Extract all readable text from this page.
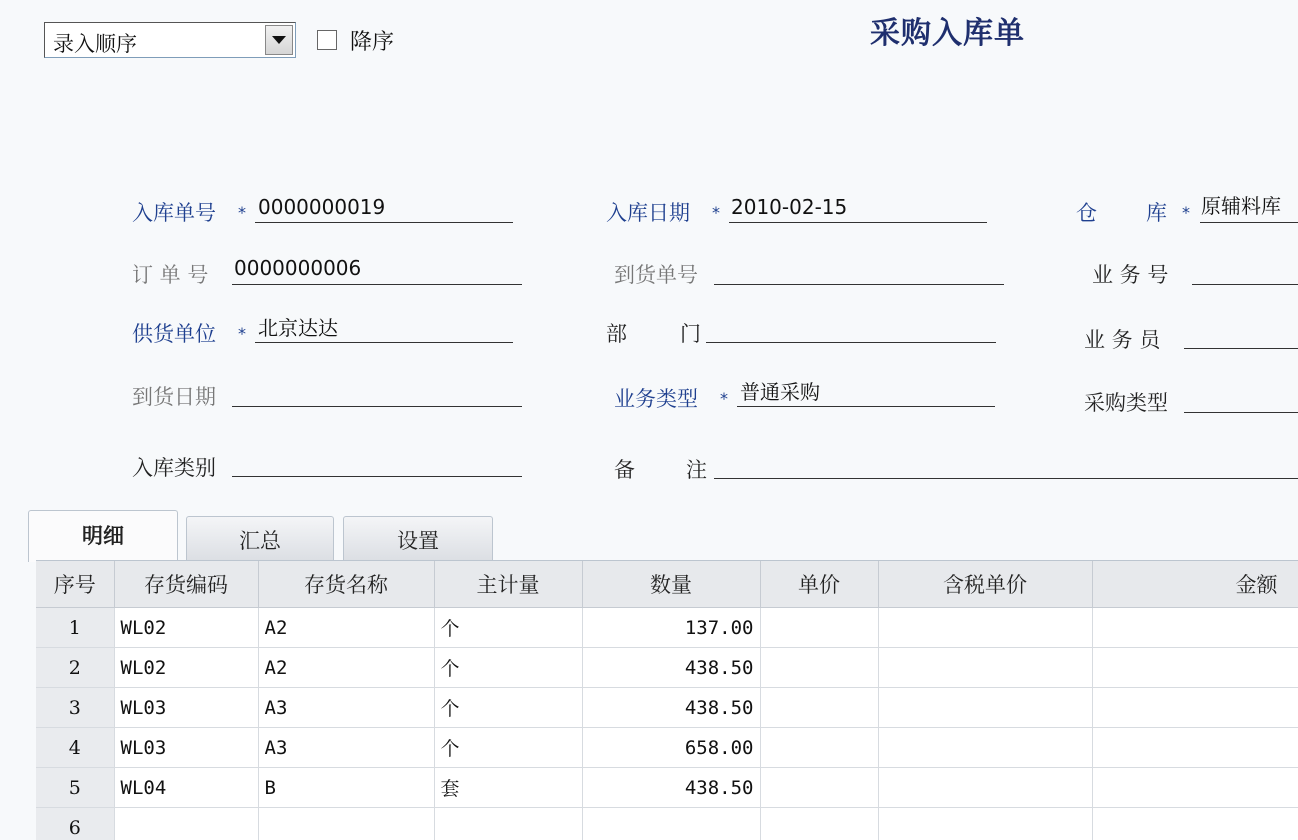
录入顺序	降序	采购入库单
入库单号 * 0000000019	入库日期 * 2010-02-15	仓 库 * 原辅料库
订 单 号 0000000006	到货单号	业 务 号
供货单位 * 北京达达	部	门	业 务 员
到货日期	业务类型 * 普通采购	采购类型
入库类别	备 注
明细	汇总	设置
序号	存货编码	存货名称	主计量	数量	单价	含税单价	金额
1	WL02	A2	个	137.00			
2	WL02	A2	个	438.50			
3	WL03	A3	个	438.50			
4	WL03	A3	个	658.00			
5	WL04	B	套	438.50			
6							
